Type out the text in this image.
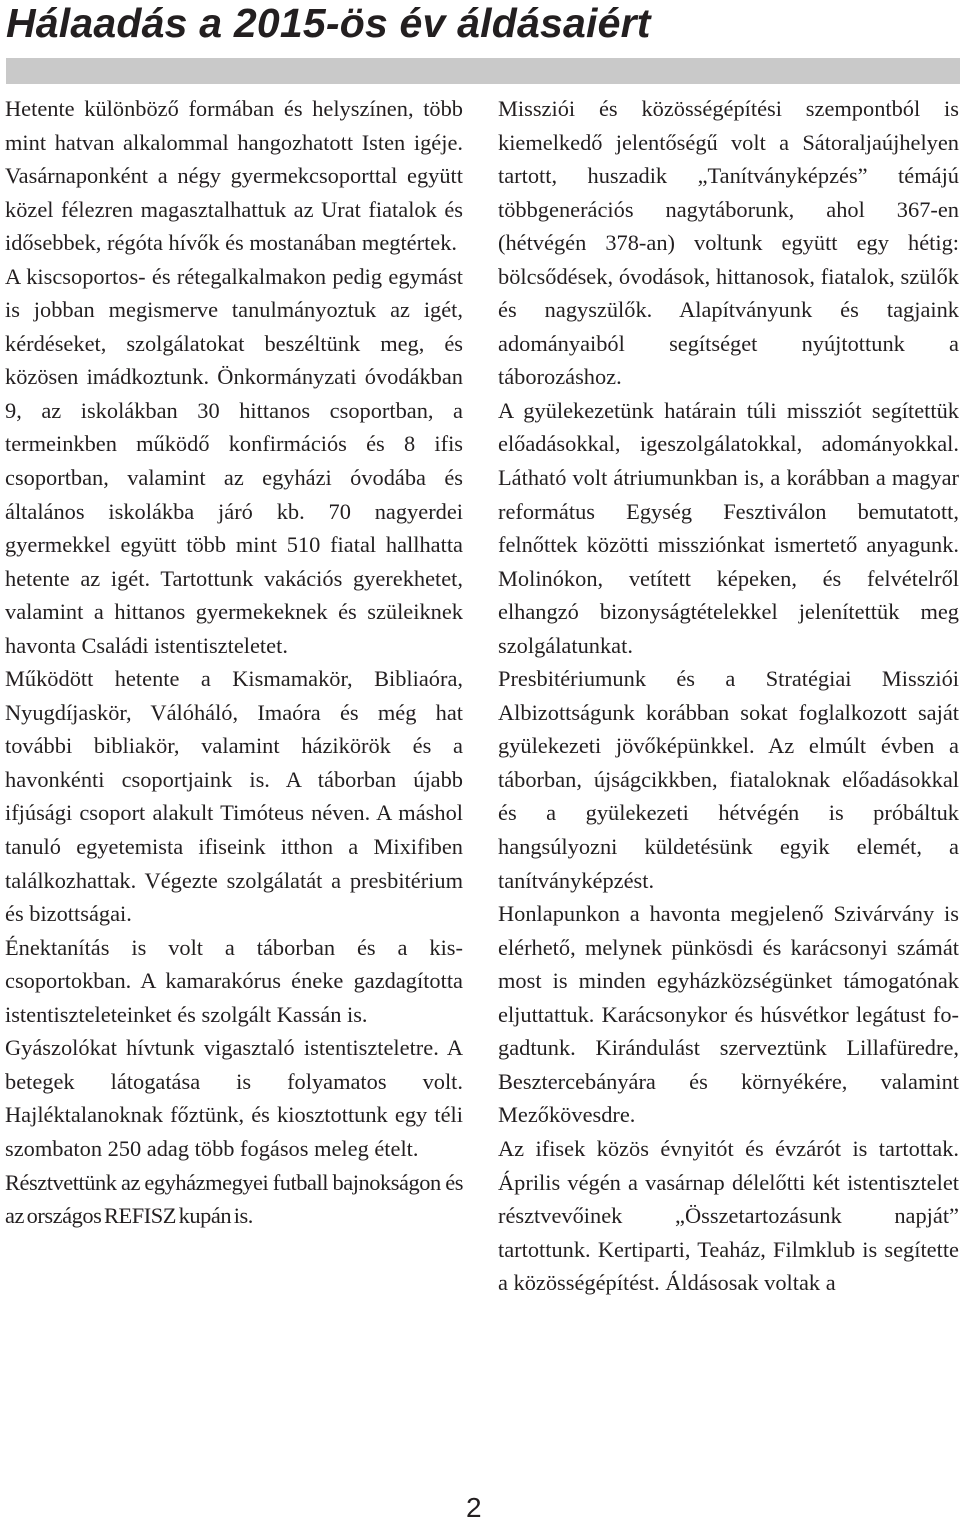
Hálaadás a 2015-ös év áldásaiért

Hetente különböző formában és helyszínen, több mint hatvan alkalommal hangozhatott Isten igéje. Vasárnaponként a négy gyermekcsoporttal együtt közel félezren magasztalhattuk az Urat fiatalok és idősebbek, régóta hívők és mostanában megtértek.

A kiscsoportos- és rétegalkalmakon pedig egymást is jobban megismerve tanulmányoztuk az igét, kérdéseket, szolgálatokat beszéltünk meg, és közösen imádkoztunk. Önkormányzati óvodákban 9, az iskolákban 30 hittanos csoportban, a termeinkben működő konfirmációs és 8 ifis csoportban, valamint az egyházi óvodába és általános iskolákba járó kb. 70 nagyerdei gyermekkel együtt több mint 510 fiatal hallhatta hetente az igét. Tartottunk vakációs gyerekhetet, valamint a hittanos gyermekeknek és szüleiknek havonta Családi istentiszteletet.

Működött hetente a Kismamakör, Bibliaóra, Nyugdíjaskör, Válóháló, Imaóra és még hat további bibliakör, valamint házikörök és a havonkénti csoportjaink is. A táborban újabb ifjúsági csoport alakult Timóteus néven. A máshol tanuló egyetemista ifiseink itthon a Mixifiben találkozhattak. Végezte szolgálatát a presbitérium és bizottságai.

Énektanítás is volt a táborban és a kiscsoportokban. A kamarakórus éneke gazdagította istentiszteleteinket és szolgált Kassán is.

Gyászolókat hívtunk vigasztaló istentiszteletre. A betegek látogatása is folyamatos volt. Hajléktalanoknak főztünk, és kiosztottunk egy téli szombaton 250 adag több fogásos meleg ételt.

Résztvettünk az egyházmegyei futball bajnokságon és az országos REFISZ kupán is.

Missziói és közösségépítési szempontból is kiemelkedő jelentőségű volt a Sátoraljaújhelyen tartott, huszadik „Tanítványképzés” témájú többgenerációs nagytáborunk, ahol 367-en (hétvégén 378-an) voltunk együtt egy hétig: bölcsődések, óvodások, hittanosok, fiatalok, szülők és nagyszülők. Alapítványunk és tagjaink adományaiból segítséget nyújtottunk a táborozáshoz.

A gyülekezetünk határain túli missziót segítettük előadásokkal, igeszolgálatokkal, adományokkal. Látható volt átriumunkban is, a korábban a magyar református Egység Fesztiválon bemutatott, felnőttek közötti missziónkat ismertető anyagunk. Molinókon, vetített képeken, és felvételről elhangzó bizonyságtételekkel jelenítettük meg szolgálatunkat.

Presbitériumunk és a Stratégiai Missziói Albizottságunk korábban sokat foglalkozott saját gyülekezeti jövőképünkkel. Az elmúlt évben a táborban, újságcikkben, fiataloknak előadásokkal és a gyülekezeti hétvégén is próbáltuk hangsúlyozni küldetésünk egyik elemét, a tanítványképzést.

Honlapunkon a havonta megjelenő Szivárvány is elérhető, melynek pünkösdi és karácsonyi számát most is minden egyházközségünket támogatónak eljuttattuk. Karácsonykor és húsvétkor legátust fogadtunk. Kirándulást szerveztünk Lillafüredre, Besztercebányára és környékére, valamint Mezőkövesdre.

Az ifisek közös évnyitót és évzárót is tartottak. Április végén a vasárnap délelőtti két istentisztelet résztvevőinek „Összetartozásunk napját” tartottunk. Kertiparti, Teaház, Filmklub is segítette a közösségépítést. Áldásosak voltak a

2
